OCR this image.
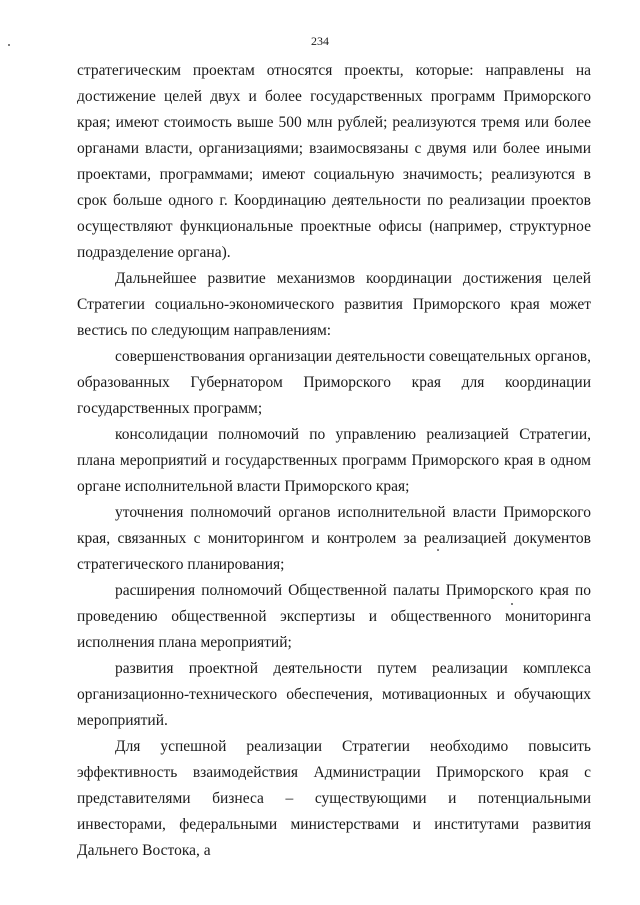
234

стратегическим проектам относятся проекты, которые: направлены на достижение целей двух и более государственных программ Приморского края; имеют стоимость выше 500 млн рублей; реализуются тремя или более органами власти, организациями; взаимосвязаны с двумя или более иными проектами, программами; имеют социальную значимость; реализуются в срок больше одного г. Координацию деятельности по реализации проектов осуществляют функциональные проектные офисы (например, структурное подразделение органа).

Дальнейшее развитие механизмов координации достижения целей Стратегии социально-экономического развития Приморского края может вестись по следующим направлениям:

совершенствования организации деятельности совещательных органов, образованных Губернатором Приморского края для координации государственных программ;

консолидации полномочий по управлению реализацией Стратегии, плана мероприятий и государственных программ Приморского края в одном органе исполнительной власти Приморского края;

уточнения полномочий органов исполнительной власти Приморского края, связанных с мониторингом и контролем за реализацией документов стратегического планирования;

расширения полномочий Общественной палаты Приморского края по проведению общественной экспертизы и общественного мониторинга исполнения плана мероприятий;

развития проектной деятельности путем реализации комплекса организационно-технического обеспечения, мотивационных и обучающих мероприятий.

Для успешной реализации Стратегии необходимо повысить эффективность взаимодействия Администрации Приморского края с представителями бизнеса – существующими и потенциальными инвесторами, федеральными министерствами и институтами развития Дальнего Востока, а
